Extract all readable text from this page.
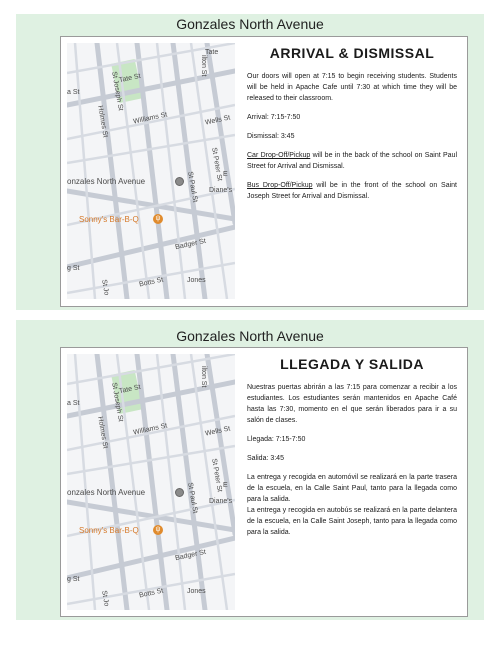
Gonzales North Avenue
Tate
ilton St
Tate St
St Joseph St
a St
Holmes St	Williams St	Wells St
St Peter St
St Paul St	E
onzales North Avenue
Diane's
Sonny's Bar-B-Q	ψ
Badger St
g St
St Jo	Botts St	Jones
ARRIVAL & DISMISSAL

Our doors will open at 7:15 to begin receiving students. Students will be held in Apache Cafe until 7:30 at which time they will be released to their classroom.

Arrival: 7:15-7:50

Dismissal: 3:45

Car Drop-Off/Pickup will be in the back of the school on Saint Paul Street for Arrival and Dismissal.

Bus Drop-Off/Pickup will be in the front of the school on Saint Joseph Street for Arrival and Dismissal.

Gonzales North Avenue
ilton St
Tate St
St Joseph St
a St
Holmes St	Williams St	Wells St
St Peter St
St Paul St	E
onzales North Avenue
Diane's
Sonny's Bar-B-Q	ψ
Badger St
g St
St Jo	Botts St	Jones
LLEGADA Y SALIDA

Nuestras puertas abrirán a las 7:15 para comenzar a recibir a los estudiantes. Los estudiantes serán mantenidos en Apache Café hasta las 7:30, momento en el que serán liberados para ir a su salón de clases.

Llegada: 7:15-7:50

Salida: 3:45

La entrega y recogida en automóvil se realizará en la parte trasera de la escuela, en la Calle Saint Paul, tanto para la llegada como para la salida.

La entrega y recogida en autobús se realizará en la parte delantera de la escuela, en la Calle Saint Joseph, tanto para la llegada como para la salida.
